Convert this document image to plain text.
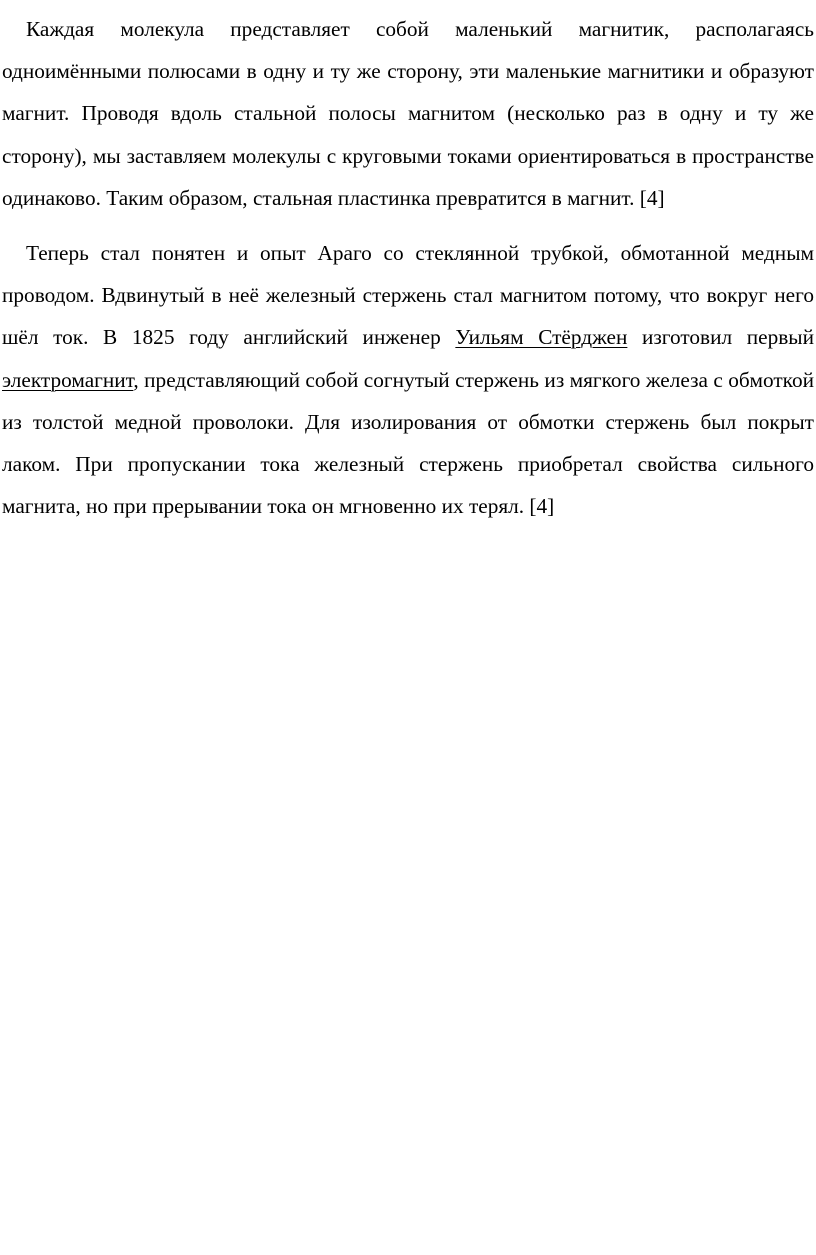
Каждая молекула представляет собой маленький магнитик, располагаясь одноимёнными полюсами в одну и ту же сторону, эти маленькие магнитики и образуют магнит. Проводя вдоль стальной полосы магнитом (несколько раз в одну и ту же сторону), мы заставляем молекулы с круговыми токами ориентироваться в пространстве одинаково. Таким образом, стальная пластинка превратится в магнит. [4]

Теперь стал понятен и опыт Араго со стеклянной трубкой, обмотанной медным проводом. Вдвинутый в неё железный стержень стал магнитом потому, что вокруг него шёл ток. В 1825 году английский инженер Уильям Стёрджен изготовил первый электромагнит, представляющий собой согнутый стержень из мягкого железа с обмоткой из толстой медной проволоки. Для изолирования от обмотки стержень был покрыт лаком. При пропускании тока железный стержень приобретал свойства сильного магнита, но при прерывании тока он мгновенно их терял. [4]
